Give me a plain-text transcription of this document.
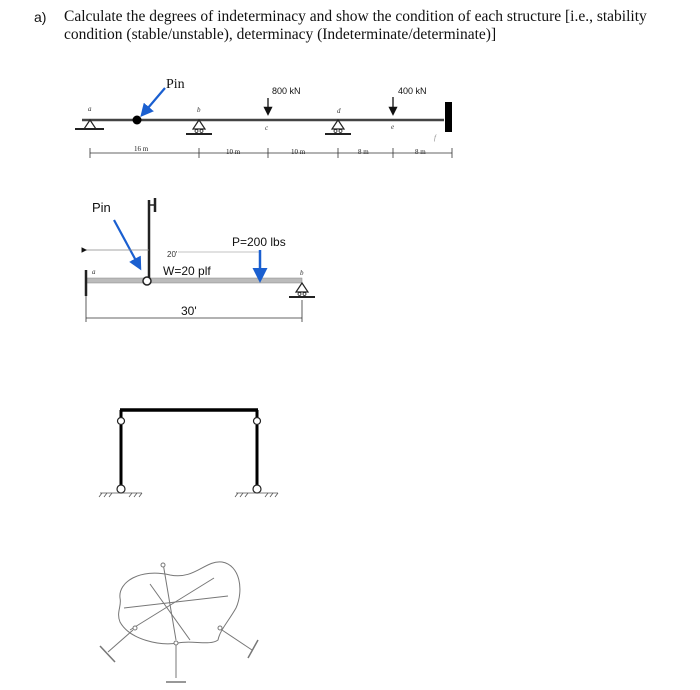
a) Calculate the degrees of indeterminacy and show the condition of each structure [i.e., stability condition (stable/unstable), determinacy (Indeterminate/determinate)]
a
Pin
b
800 kN
c
d
400 kN
e
f
16 m	10 m	10 m	8 m	8 m
Pin
a
20'
P=200 lbs
W=20 plf	b
30'
